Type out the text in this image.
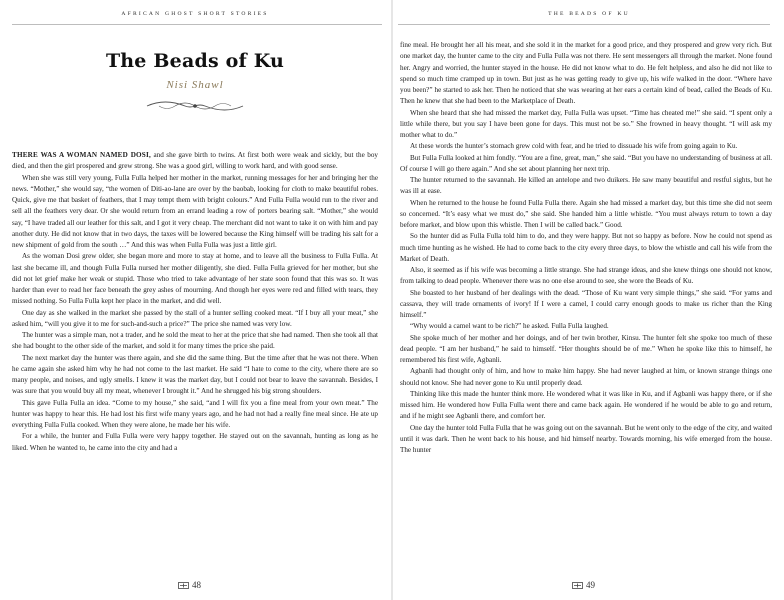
AFRICAN GHOST SHORT STORIES
The Beads of Ku
Nisi Shawl

THERE WAS A WOMAN NAMED DOSI, and she gave birth to twins. At first both were weak and sickly, but the boy died, and then the girl prospered and grew strong. She was a good girl, willing to work hard, and with good sense.

When she was still very young, Fulla Fulla helped her mother in the market, running messages for her and bringing her the news. “Mother,” she would say, “the women of Diti-ao-lane are over by the baobab, looking for cloth to make beautiful robes. Quick, give me that basket of feathers, that I may tempt them with bright colours.” And Fulla Fulla would run to the river and sell all the feathers very dear. Or she would return from an errand leading a row of porters bearing salt. “Mother,” she would say, “I have traded all our leather for this salt, and I got it very cheap. The merchant did not want to take it on with him and pay another duty. He did not know that in two days, the taxes will be lowered because the King himself will be trading his salt for a new shipment of gold from the south …” And this was when Fulla Fulla was just a little girl.

As the woman Dosi grew older, she began more and more to stay at home, and to leave all the business to Fulla Fulla. At last she became ill, and though Fulla Fulla nursed her mother diligently, she died. Fulla Fulla grieved for her mother, but she did not let grief make her weak or stupid. Those who tried to take advantage of her state soon found that this was so. It was harder than ever to read her face beneath the grey ashes of mourning. And though her eyes were red and filled with tears, they missed nothing. So Fulla Fulla kept her place in the market, and did well.

One day as she walked in the market she passed by the stall of a hunter selling cooked meat. “If I buy all your meat,” she asked him, “will you give it to me for such-and-such a price?” The price she named was very low.

The hunter was a simple man, not a trader, and he sold the meat to her at the price that she had named. Then she took all that she had bought to the other side of the market, and sold it for many times the price she paid.

The next market day the hunter was there again, and she did the same thing. But the time after that he was not there. When he came again she asked him why he had not come to the last market. He said “I hate to come to the city, where there are so many people, and noises, and ugly smells. I knew it was the market day, but I could not bear to leave the savannah. Besides, I was sure that you would buy all my meat, whenever I brought it.” And he shrugged his big strong shoulders.

This gave Fulla Fulla an idea. “Come to my house,” she said, “and I will fix you a fine meal from your own meat.” The hunter was happy to hear this. He had lost his first wife many years ago, and he had not had a really fine meal since. He ate up everything Fulla Fulla cooked. When they were alone, he made her his wife.

For a while, the hunter and Fulla Fulla were very happy together. He stayed out on the savannah, hunting as long as he liked. When he wanted to, he came into the city and had a

48
THE BEADS OF KU

fine meal. He brought her all his meat, and she sold it in the market for a good price, and they prospered and grew very rich. But one market day, the hunter came to the city and Fulla Fulla was not there. He sent messengers all through the market. None found her. Angry and worried, the hunter stayed in the house. He did not know what to do. He felt helpless, and also he did not like to spend so much time cramped up in town. But just as he was getting ready to give up, his wife walked in the door. “Where have you been?” he started to ask her. Then he noticed that she was wearing at her ears a certain kind of bead, called the Beads of Ku. Then he knew that she had been to the Marketplace of Death.

When she heard that she had missed the market day, Fulla Fulla was upset. “Time has cheated me!” she said. “I spent only a little while there, but you say I have been gone for days. This must not be so.” She frowned in heavy thought. “I will ask my mother what to do.”

At these words the hunter’s stomach grew cold with fear, and he tried to dissuade his wife from going again to Ku.

But Fulla Fulla looked at him fondly. “You are a fine, great, man,” she said. “But you have no understanding of business at all. Of course I will go there again.” And she set about planning her next trip.

The hunter returned to the savannah. He killed an antelope and two duikers. He saw many beautiful and restful sights, but he was ill at ease.

When he returned to the house he found Fulla Fulla there. Again she had missed a market day, but this time she did not seem so concerned. “It’s easy what we must do,” she said. She handed him a little whistle. “You must always return to town a day before market, and blow upon this whistle. Then I will be called back.” Good.

So the hunter did as Fulla Fulla told him to do, and they were happy. But not so happy as before. Now he could not spend as much time hunting as he wished. He had to come back to the city every three days, to blow the whistle and call his wife from the Market of Death.

Also, it seemed as if his wife was becoming a little strange. She had strange ideas, and she knew things one should not know, from talking to dead people. Whenever there was no one else around to see, she wore the Beads of Ku.

She boasted to her husband of her dealings with the dead. “Those of Ku want very simple things,” she said. “For yams and cassava, they will trade ornaments of ivory! If I were a camel, I could carry enough goods to make us richer than the King himself.”

“Why would a camel want to be rich?” he asked. Fulla Fulla laughed.

She spoke much of her mother and her doings, and of her twin brother, Kinsu. The hunter felt she spoke too much of these dead people. “I am her husband,” he said to himself. “Her thoughts should be of me.” When he spoke like this to himself, he remembered his first wife, Agbanli.

Agbanli had thought only of him, and how to make him happy. She had never laughed at him, or known strange things one should not know. She had never gone to Ku until properly dead.

Thinking like this made the hunter think more. He wondered what it was like in Ku, and if Agbanli was happy there, or if she missed him. He wondered how Fulla Fulla went there and came back again. He wondered if he would be able to go and return, and if he might see Agbanli there, and comfort her.

One day the hunter told Fulla Fulla that he was going out on the savannah. But he went only to the edge of the city, and waited until it was dark. Then he went back to his house, and hid himself nearby. Towards morning, his wife emerged from the house. The hunter

49
